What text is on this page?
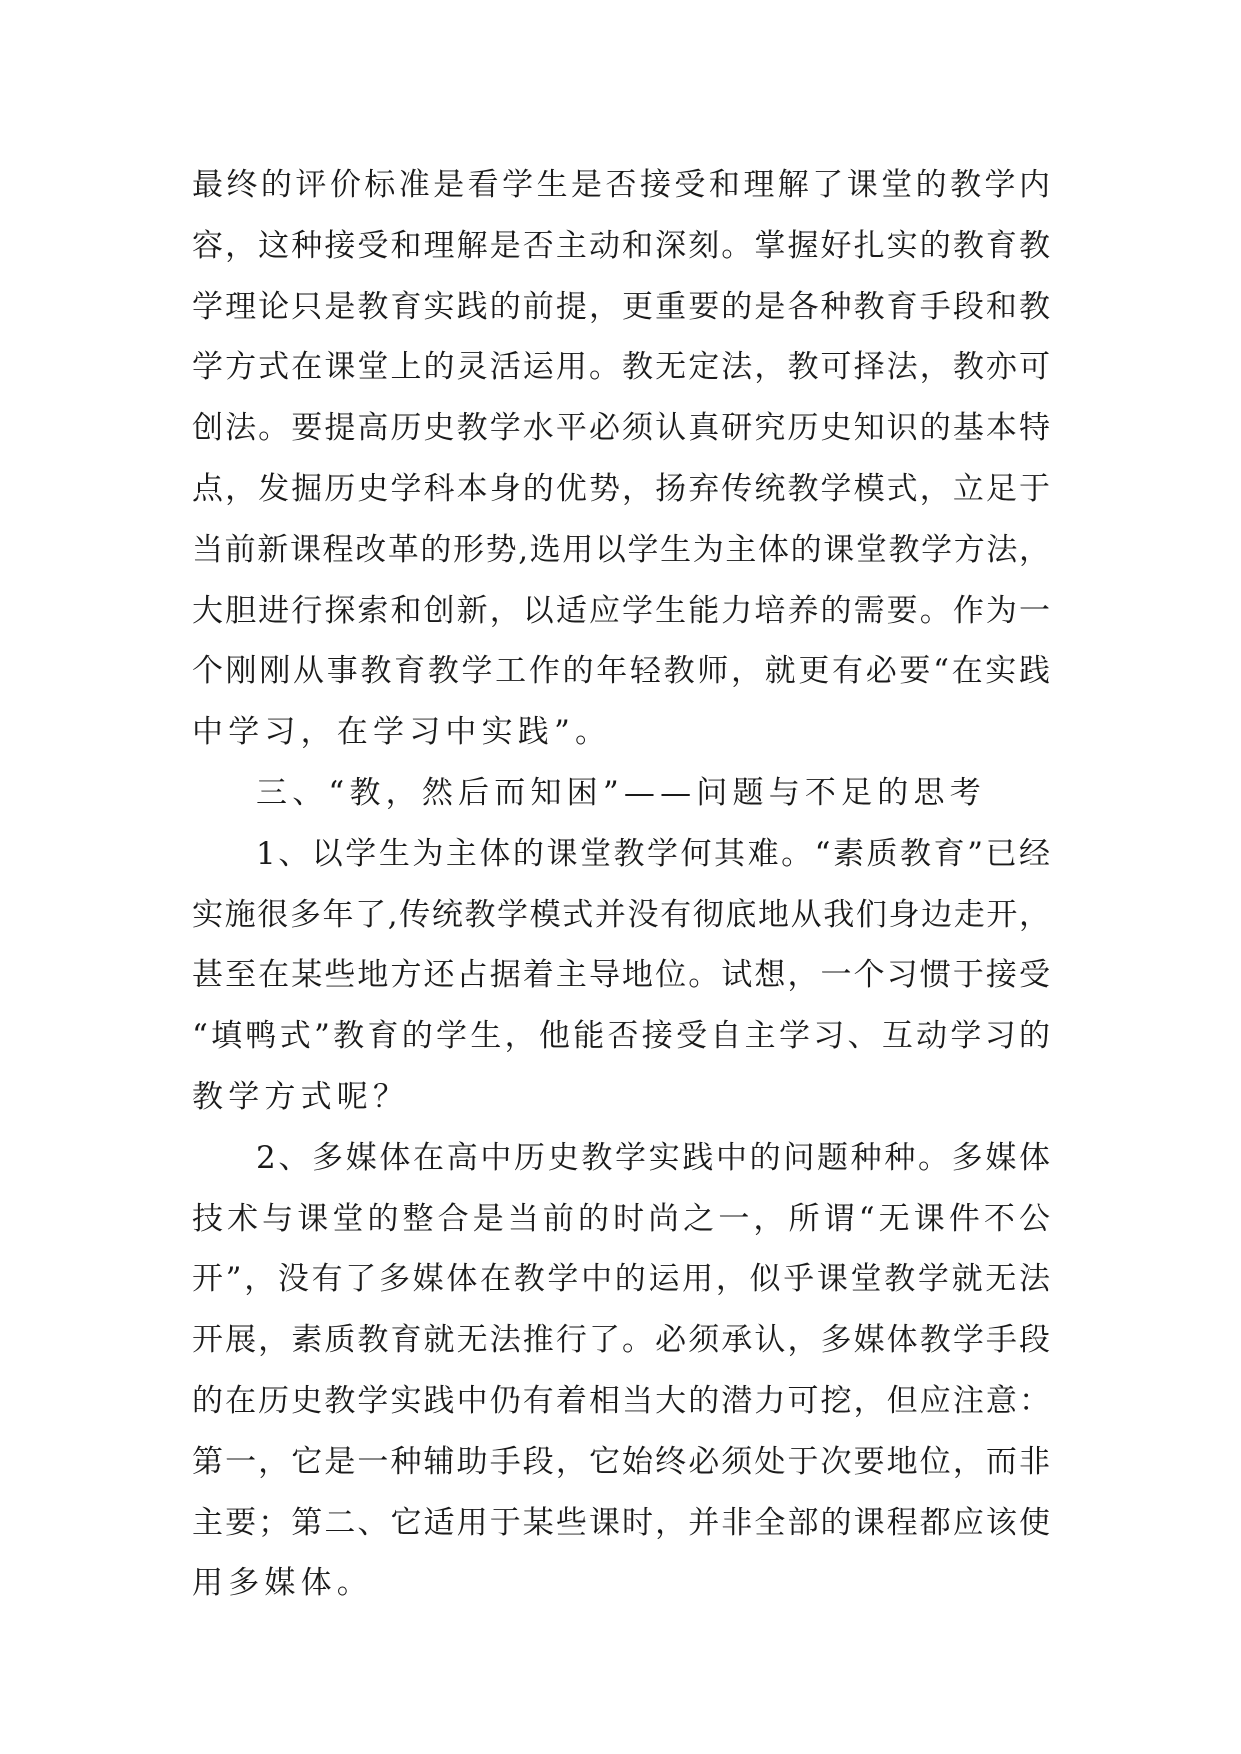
最终的评价标准是看学生是否接受和理解了课堂的教学内
容，这种接受和理解是否主动和深刻。掌握好扎实的教育教
学理论只是教育实践的前提，更重要的是各种教育手段和教
学方式在课堂上的灵活运用。教无定法，教可择法，教亦可
创法。要提高历史教学水平必须认真研究历史知识的基本特
点，发掘历史学科本身的优势，扬弃传统教学模式，立足于
当前新课程改革的形势,选用以学生为主体的课堂教学方法，
大胆进行探索和创新，以适应学生能力培养的需要。作为一
个刚刚从事教育教学工作的年轻教师，就更有必要“在实践
中学习，在学习中实践”。
三、“教，然后而知困”——问题与不足的思考
1、以学生为主体的课堂教学何其难。“素质教育”已经
实施很多年了,传统教学模式并没有彻底地从我们身边走开，
甚至在某些地方还占据着主导地位。试想，一个习惯于接受
“填鸭式”教育的学生，他能否接受自主学习、互动学习的
教学方式呢？
2、多媒体在高中历史教学实践中的问题种种。多媒体
技术与课堂的整合是当前的时尚之一，所谓“无课件不公
开”，没有了多媒体在教学中的运用，似乎课堂教学就无法
开展，素质教育就无法推行了。必须承认，多媒体教学手段
的在历史教学实践中仍有着相当大的潜力可挖，但应注意：
第一，它是一种辅助手段，它始终必须处于次要地位，而非
主要；第二、它适用于某些课时，并非全部的课程都应该使
用多媒体。
